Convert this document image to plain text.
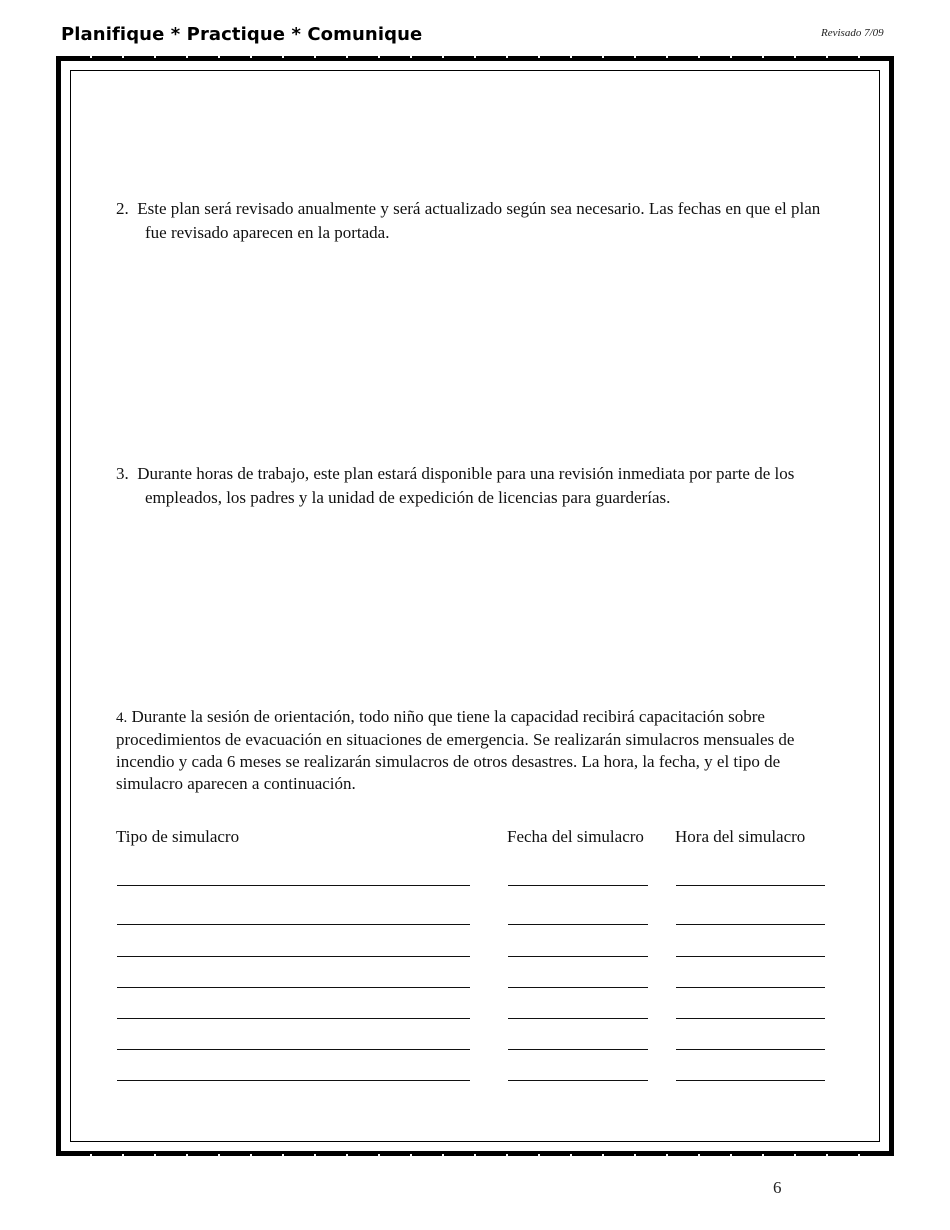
Planifique * Practique * Comunique	Revisado 7/09
2. Este plan será revisado anualmente y será actualizado según sea necesario. Las fechas en que el plan fue revisado aparecen en la portada.
3. Durante horas de trabajo, este plan estará disponible para una revisión inmediata por parte de los empleados, los padres y la unidad de expedición de licencias para guarderías.
4. Durante la sesión de orientación, todo niño que tiene la capacidad recibirá capacitación sobre procedimientos de evacuación en situaciones de emergencia. Se realizarán simulacros mensuales de incendio y cada 6 meses se realizarán simulacros de otros desastres. La hora, la fecha, y el tipo de simulacro aparecen a continuación.
Tipo de simulacro	Fecha del simulacro Hora del simulacro
6
